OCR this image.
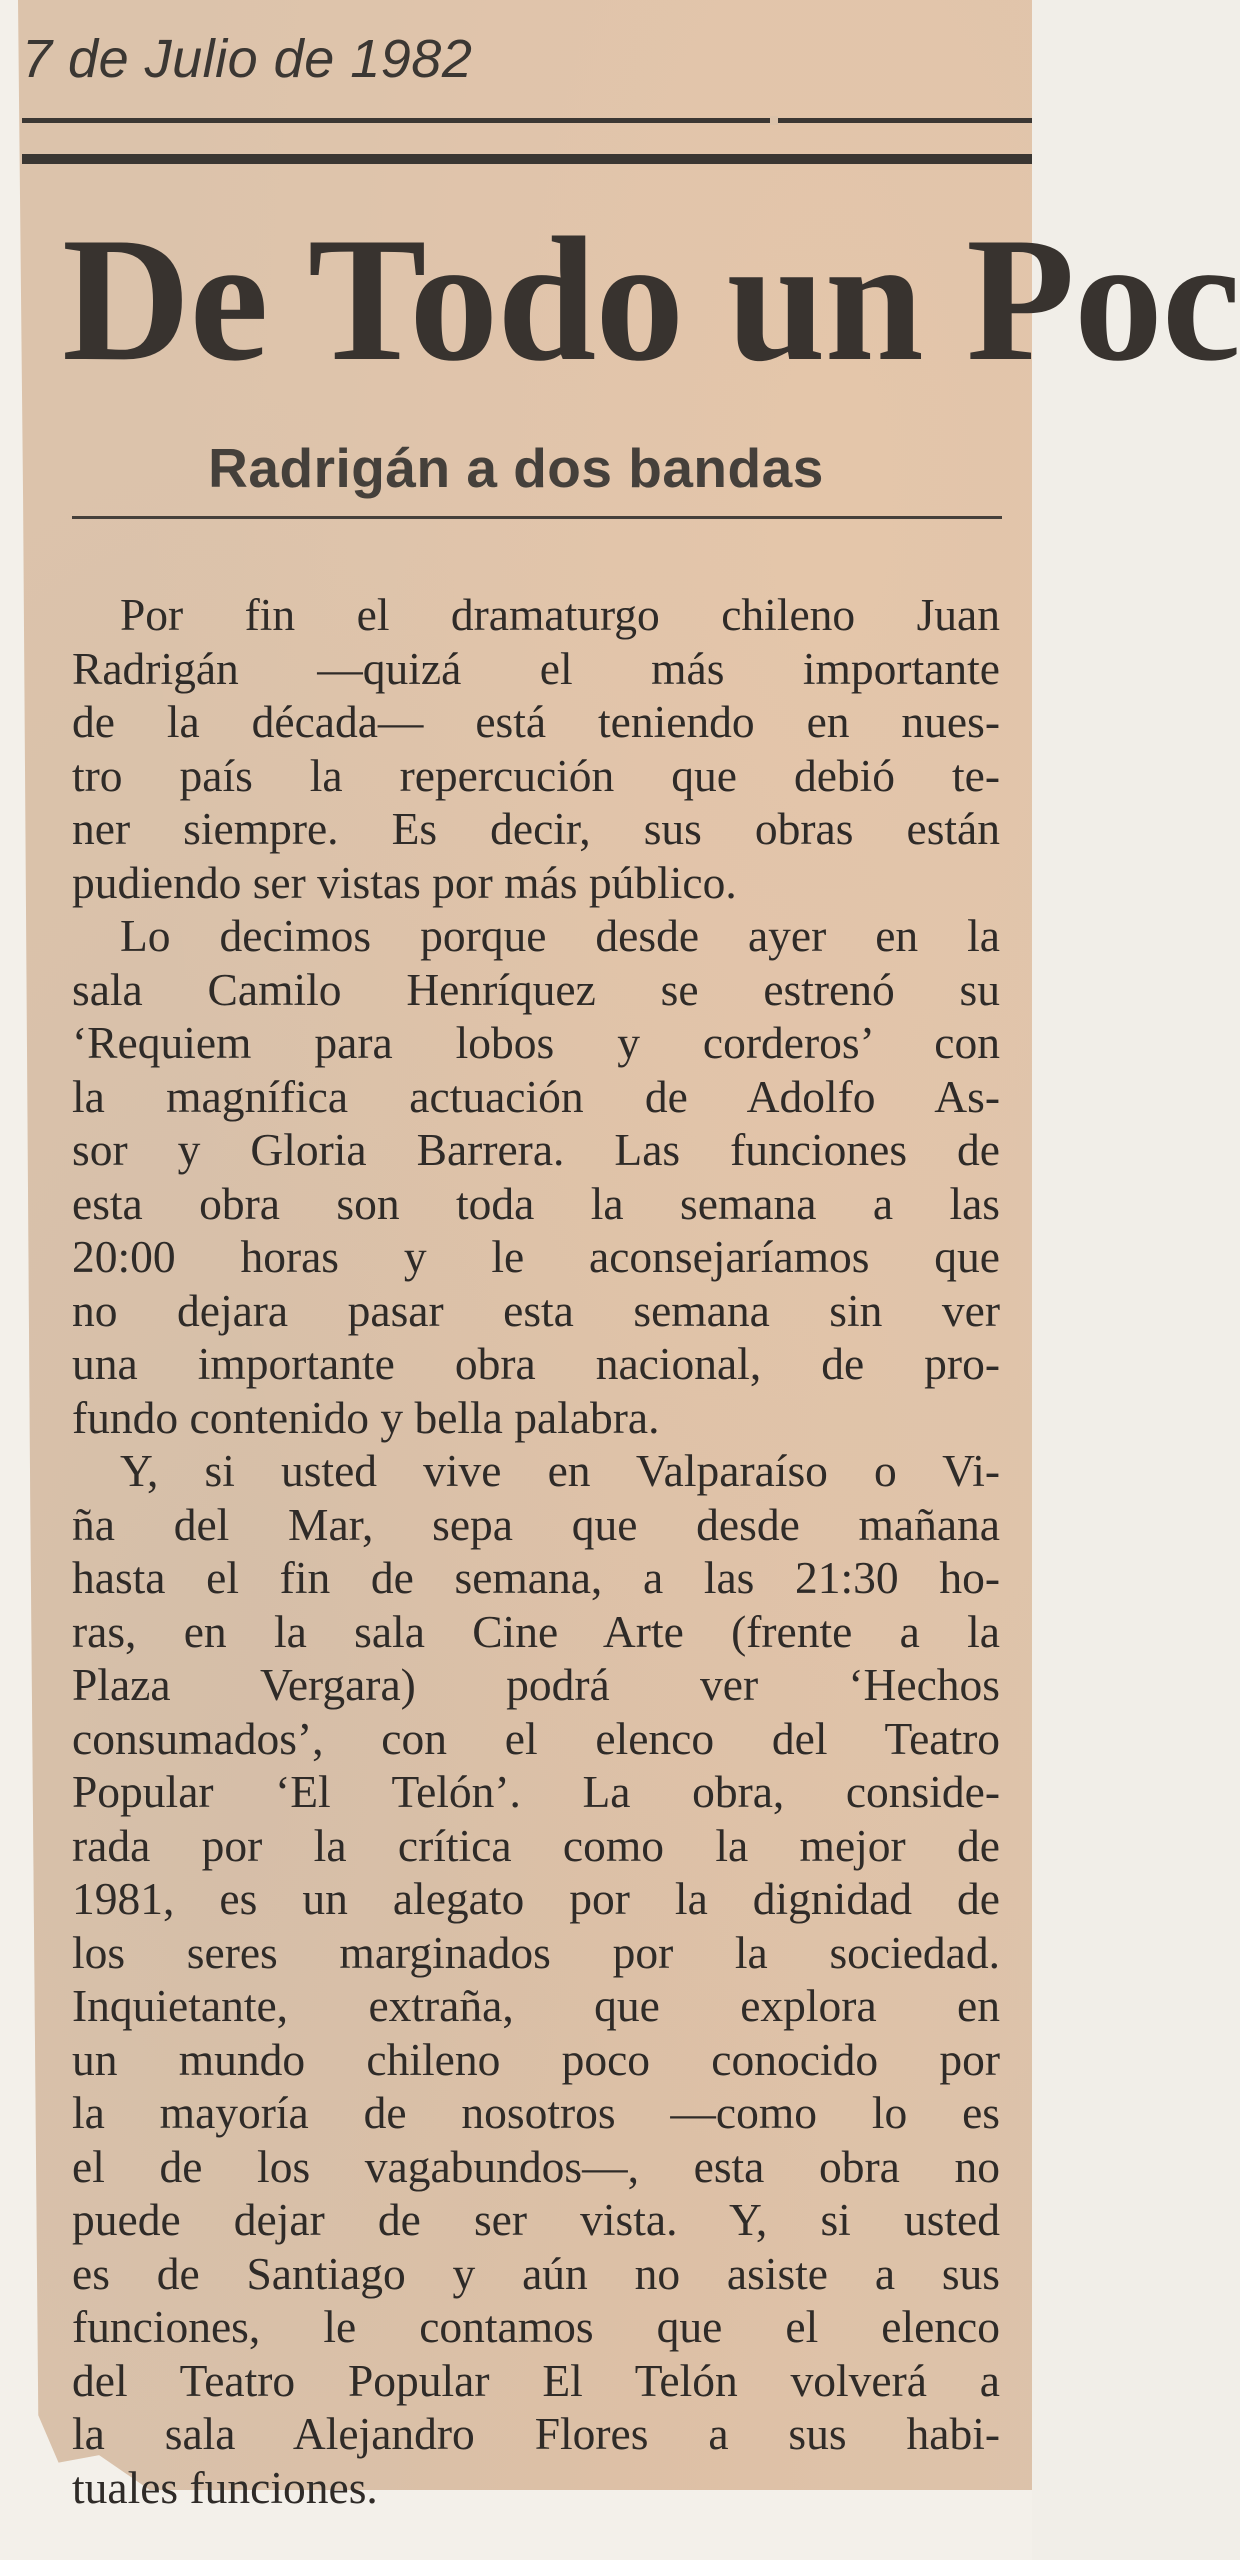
7 de Julio de 1982
De Todo un Poc
Radrigán a dos bandas
Por fin el dramaturgo chileno Juan
Radrigán —quizá el más importante
de la década— está teniendo en nues-
tro país la repercución que debió te-
ner siempre. Es decir, sus obras están
pudiendo ser vistas por más público.
Lo decimos porque desde ayer en la
sala Camilo Henríquez se estrenó su
‘Requiem para lobos y corderos’ con
la magnífica actuación de Adolfo As-
sor y Gloria Barrera. Las funciones de
esta obra son toda la semana a las
20:00 horas y le aconsejaríamos que
no dejara pasar esta semana sin ver
una importante obra nacional, de pro-
fundo contenido y bella palabra.
Y, si usted vive en Valparaíso o Vi-
ña del Mar, sepa que desde mañana
hasta el fin de semana, a las 21:30 ho-
ras, en la sala Cine Arte (frente a la
Plaza Vergara) podrá ver ‘Hechos
consumados’, con el elenco del Teatro
Popular ‘El Telón’. La obra, conside-
rada por la crítica como la mejor de
1981, es un alegato por la dignidad de
los seres marginados por la sociedad.
Inquietante, extraña, que explora en
un mundo chileno poco conocido por
la mayoría de nosotros —como lo es
el de los vagabundos—, esta obra no
puede dejar de ser vista. Y, si usted
es de Santiago y aún no asiste a sus
funciones, le contamos que el elenco
del Teatro Popular El Telón volverá a
la sala Alejandro Flores a sus habi-
tuales funciones.
